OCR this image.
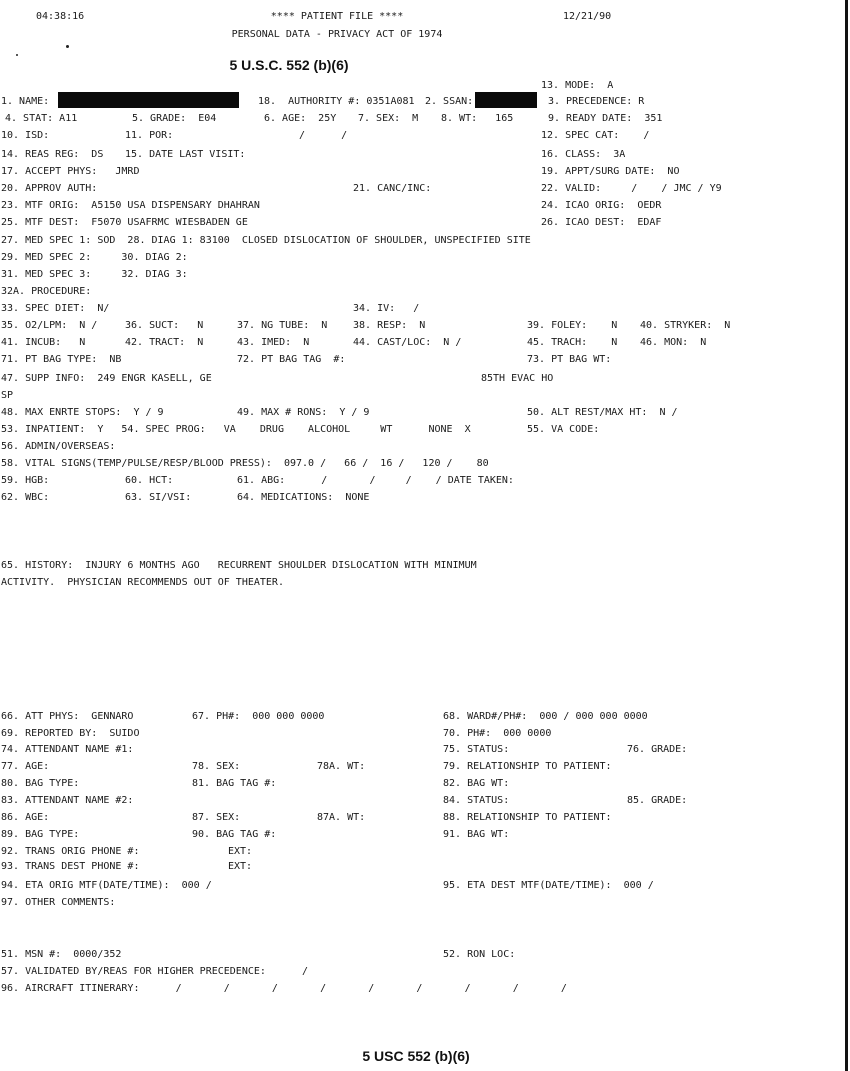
04:38:16	**** PATIENT FILE ****	12/21/90
PERSONAL DATA - PRIVACY ACT OF 1974
5 U.S.C. 552 (b)(6)
13. MODE:  A
1. NAME:	18.  AUTHORITY #: 0351A081 2. SSAN:	3. PRECEDENCE: R
4. STAT: A11	5. GRADE:  E04	6. AGE:  25Y 7. SEX:  M 8. WT:   165	9. READY DATE:  351
10. ISD:	11. POR:	/      /	12. SPEC CAT:    /
14. REAS REG:  DS 15. DATE LAST VISIT:	16. CLASS:  3A
17. ACCEPT PHYS:   JMRD	19. APPT/SURG DATE:  NO
20. APPROV AUTH:	21. CANC/INC:	22. VALID:     /    / JMC / Y9
23. MTF ORIG:  A5150 USA DISPENSARY DHAHRAN	24. ICAO ORIG:  OEDR
25. MTF DEST:  F5070 USAFRMC WIESBADEN GE	26. ICAO DEST:  EDAF
27. MED SPEC 1: SOD  28. DIAG 1: 83100  CLOSED DISLOCATION OF SHOULDER, UNSPECIFIED SITE
29. MED SPEC 2:     30. DIAG 2:
31. MED SPEC 3:     32. DIAG 3:
32A. PROCEDURE:
33. SPEC DIET:  N/	34. IV:   /
35. O2/LPM:  N /	36. SUCT:   N	37. NG TUBE:  N	38. RESP:  N	39. FOLEY:    N 40. STRYKER:  N
41. INCUB:   N	42. TRACT:  N	43. IMED:  N	44. CAST/LOC:  N /	45. TRACH:    N 46. MON:  N
71. PT BAG TYPE:  NB	72. PT BAG TAG  #:	73. PT BAG WT:
47. SUPP INFO:  249 ENGR KASELL, GE	85TH EVAC HO
SP
48. MAX ENRTE STOPS:  Y / 9	49. MAX # RONS:  Y / 9	50. ALT REST/MAX HT:  N /
53. INPATIENT:  Y   54. SPEC PROG:   VA    DRUG    ALCOHOL     WT      NONE  X	55. VA CODE:
56. ADMIN/OVERSEAS:
58. VITAL SIGNS(TEMP/PULSE/RESP/BLOOD PRESS):  097.0 /   66 /  16 /   120 /    80
59. HGB:	60. HCT:	61. ABG:      /       /     /    / DATE TAKEN:
62. WBC:	63. SI/VSI:	64. MEDICATIONS:  NONE
65. HISTORY:  INJURY 6 MONTHS AGO   RECURRENT SHOULDER DISLOCATION WITH MINIMUM
ACTIVITY.  PHYSICIAN RECOMMENDS OUT OF THEATER.
66. ATT PHYS:  GENNARO	67. PH#:  000 000 0000	68. WARD#/PH#:  000 / 000 000 0000
69. REPORTED BY:  SUIDO	70. PH#:  000 0000
74. ATTENDANT NAME #1:	75. STATUS:	76. GRADE:
77. AGE:	78. SEX:	78A. WT:	79. RELATIONSHIP TO PATIENT:
80. BAG TYPE:	81. BAG TAG #:	82. BAG WT:
83. ATTENDANT NAME #2:	84. STATUS:	85. GRADE:
86. AGE:	87. SEX:	87A. WT:	88. RELATIONSHIP TO PATIENT:
89. BAG TYPE:	90. BAG TAG #:	91. BAG WT:
92. TRANS ORIG PHONE #:	EXT:
93. TRANS DEST PHONE #:	EXT:
94. ETA ORIG MTF(DATE/TIME):  000 /	95. ETA DEST MTF(DATE/TIME):  000 /
97. OTHER COMMENTS:
51. MSN #:  0000/352	52. RON LOC:
57. VALIDATED BY/REAS FOR HIGHER PRECEDENCE:      /
96. AIRCRAFT ITINERARY:      /       /       /       /       /       /       /       /       /
5 USC 552 (b)(6)
